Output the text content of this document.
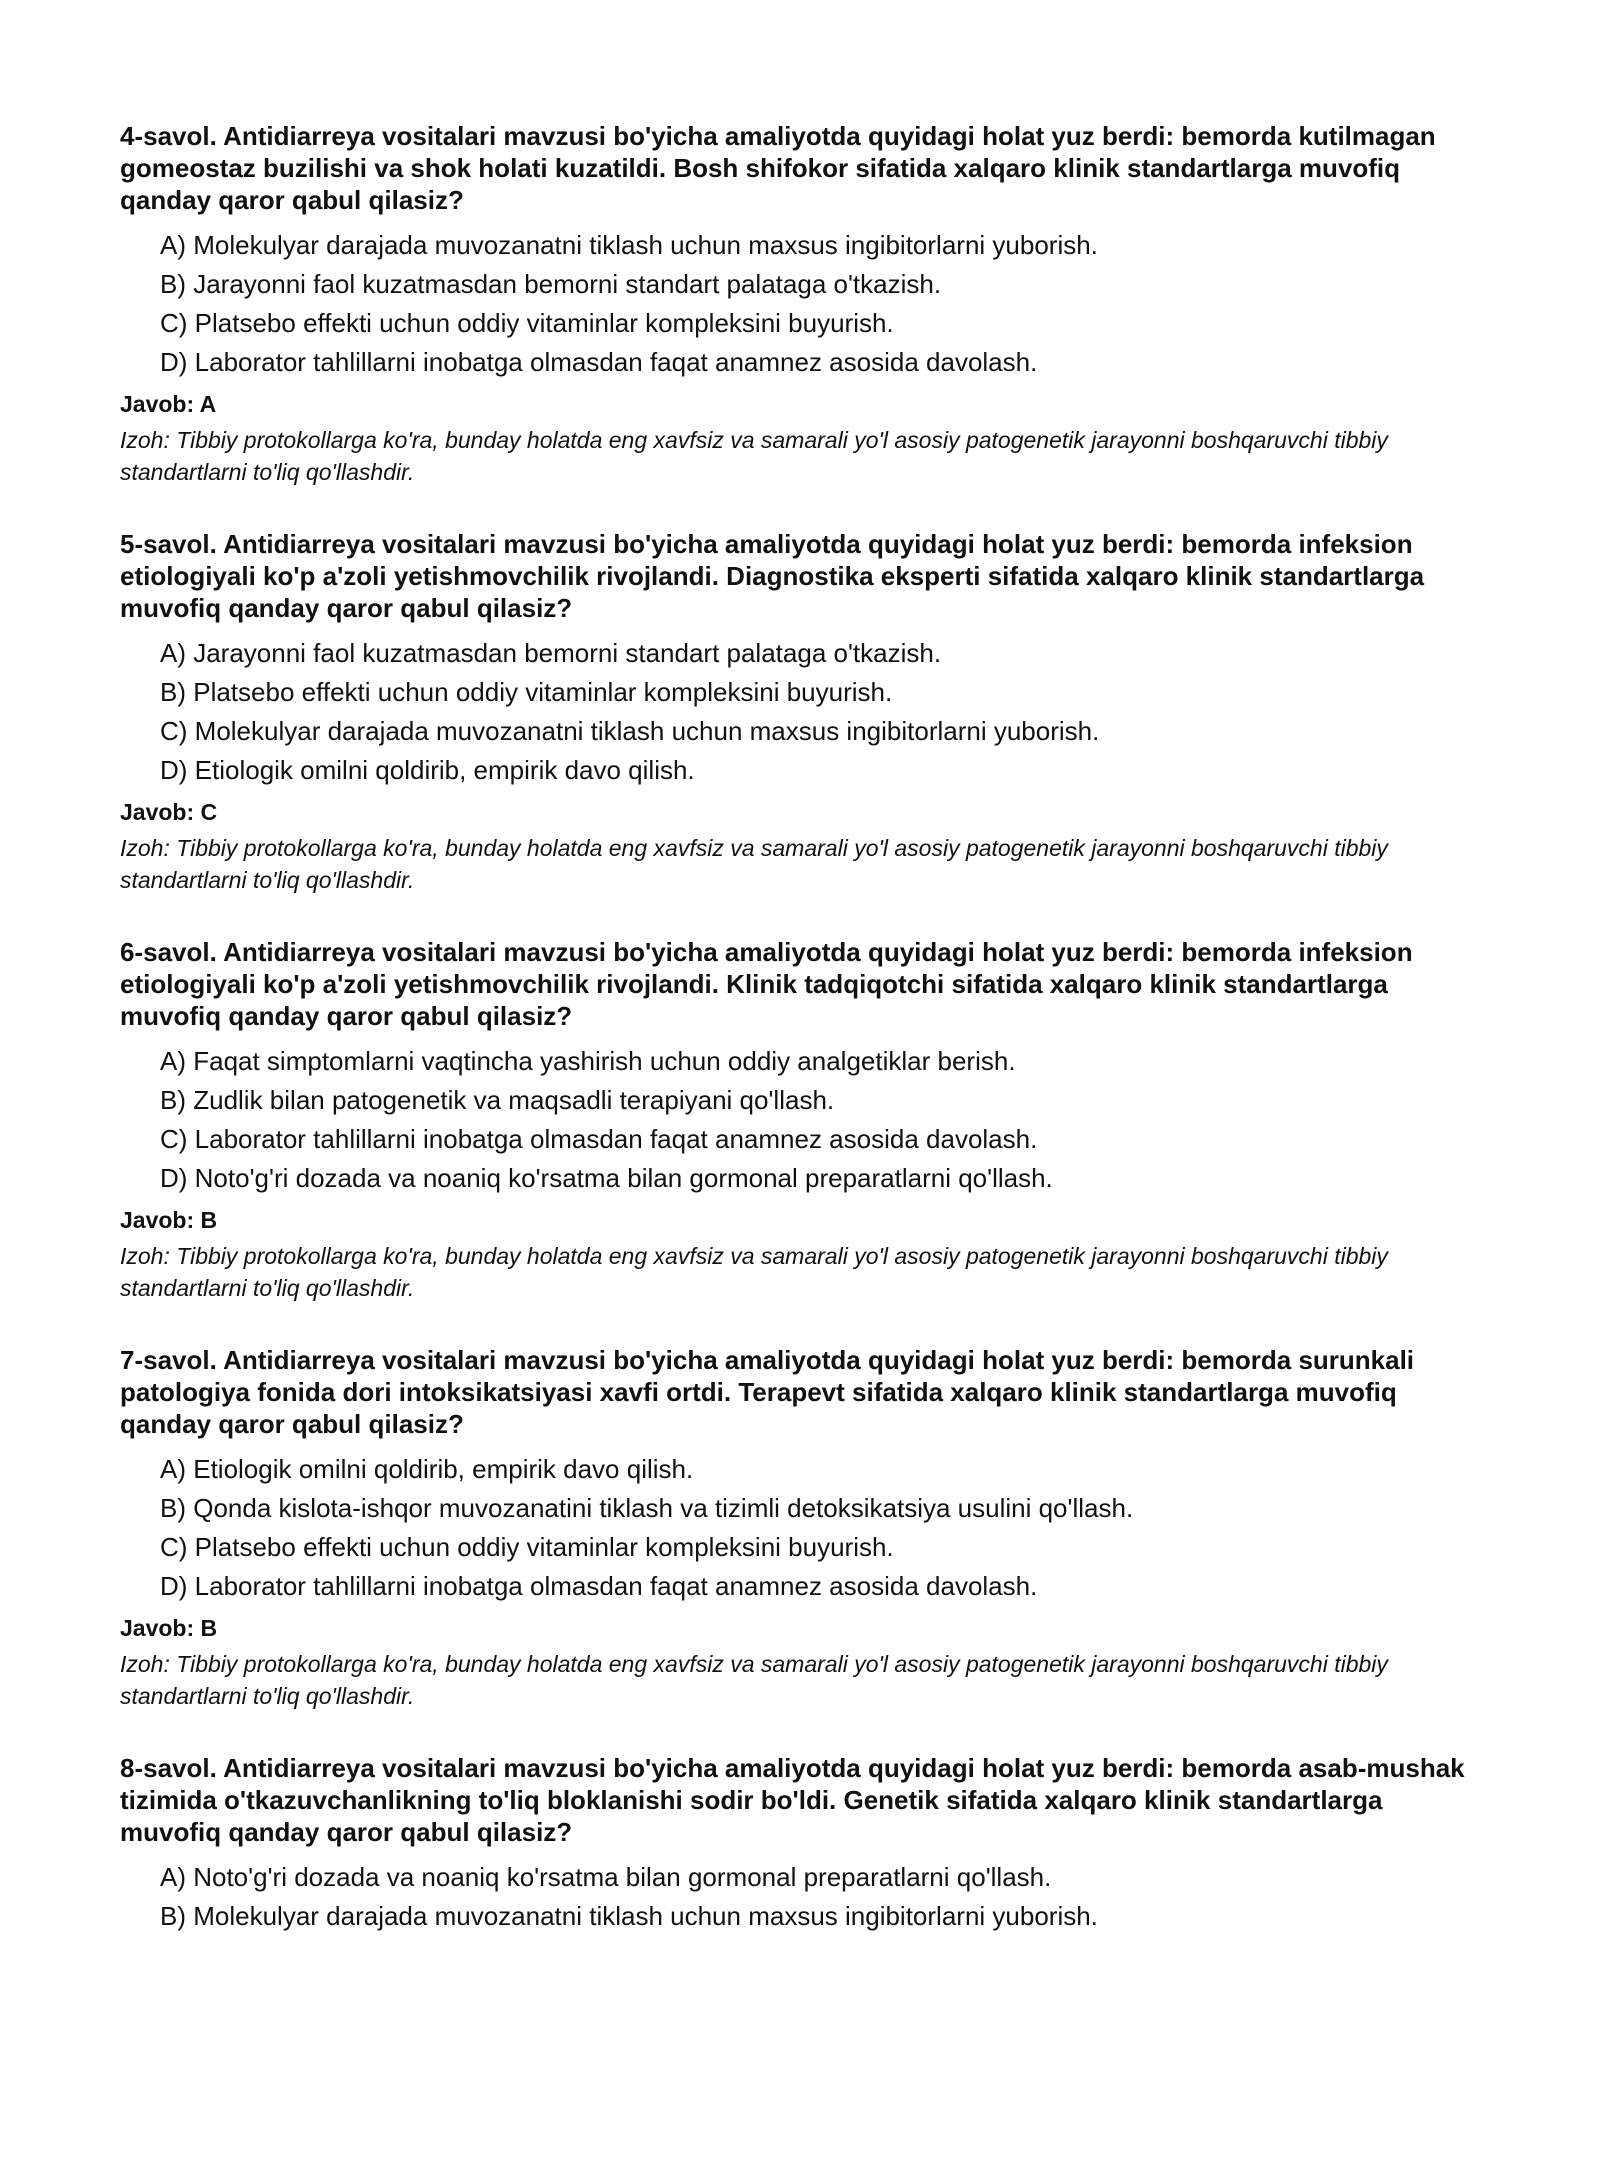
4-savol. Antidiarreya vositalari mavzusi bo'yicha amaliyotda quyidagi holat yuz berdi: bemorda kutilmagan gomeostaz buzilishi va shok holati kuzatildi. Bosh shifokor sifatida xalqaro klinik standartlarga muvofiq qanday qaror qabul qilasiz?

A) Molekulyar darajada muvozanatni tiklash uchun maxsus ingibitorlarni yuborish.

B) Jarayonni faol kuzatmasdan bemorni standart palataga o'tkazish.

C) Platsebo effekti uchun oddiy vitaminlar kompleksini buyurish.

D) Laborator tahlillarni inobatga olmasdan faqat anamnez asosida davolash.

Javob: A

Izoh: Tibbiy protokollarga ko'ra, bunday holatda eng xavfsiz va samarali yo'l asosiy patogenetik jarayonni boshqaruvchi tibbiy standartlarni to'liq qo'llashdir.

5-savol. Antidiarreya vositalari mavzusi bo'yicha amaliyotda quyidagi holat yuz berdi: bemorda infeksion etiologiyali ko'p a'zoli yetishmovchilik rivojlandi. Diagnostika eksperti sifatida xalqaro klinik standartlarga muvofiq qanday qaror qabul qilasiz?

A) Jarayonni faol kuzatmasdan bemorni standart palataga o'tkazish.

B) Platsebo effekti uchun oddiy vitaminlar kompleksini buyurish.

C) Molekulyar darajada muvozanatni tiklash uchun maxsus ingibitorlarni yuborish.

D) Etiologik omilni qoldirib, empirik davo qilish.

Javob: C

Izoh: Tibbiy protokollarga ko'ra, bunday holatda eng xavfsiz va samarali yo'l asosiy patogenetik jarayonni boshqaruvchi tibbiy standartlarni to'liq qo'llashdir.

6-savol. Antidiarreya vositalari mavzusi bo'yicha amaliyotda quyidagi holat yuz berdi: bemorda infeksion etiologiyali ko'p a'zoli yetishmovchilik rivojlandi. Klinik tadqiqotchi sifatida xalqaro klinik standartlarga muvofiq qanday qaror qabul qilasiz?

A) Faqat simptomlarni vaqtincha yashirish uchun oddiy analgetiklar berish.

B) Zudlik bilan patogenetik va maqsadli terapiyani qo'llash.

C) Laborator tahlillarni inobatga olmasdan faqat anamnez asosida davolash.

D) Noto'g'ri dozada va noaniq ko'rsatma bilan gormonal preparatlarni qo'llash.

Javob: B

Izoh: Tibbiy protokollarga ko'ra, bunday holatda eng xavfsiz va samarali yo'l asosiy patogenetik jarayonni boshqaruvchi tibbiy standartlarni to'liq qo'llashdir.

7-savol. Antidiarreya vositalari mavzusi bo'yicha amaliyotda quyidagi holat yuz berdi: bemorda surunkali patologiya fonida dori intoksikatsiyasi xavfi ortdi. Terapevt sifatida xalqaro klinik standartlarga muvofiq qanday qaror qabul qilasiz?

A) Etiologik omilni qoldirib, empirik davo qilish.

B) Qonda kislota-ishqor muvozanatini tiklash va tizimli detoksikatsiya usulini qo'llash.

C) Platsebo effekti uchun oddiy vitaminlar kompleksini buyurish.

D) Laborator tahlillarni inobatga olmasdan faqat anamnez asosida davolash.

Javob: B

Izoh: Tibbiy protokollarga ko'ra, bunday holatda eng xavfsiz va samarali yo'l asosiy patogenetik jarayonni boshqaruvchi tibbiy standartlarni to'liq qo'llashdir.

8-savol. Antidiarreya vositalari mavzusi bo'yicha amaliyotda quyidagi holat yuz berdi: bemorda asab-mushak tizimida o'tkazuvchanlikning to'liq bloklanishi sodir bo'ldi. Genetik sifatida xalqaro klinik standartlarga muvofiq qanday qaror qabul qilasiz?

A) Noto'g'ri dozada va noaniq ko'rsatma bilan gormonal preparatlarni qo'llash.

B) Molekulyar darajada muvozanatni tiklash uchun maxsus ingibitorlarni yuborish.
